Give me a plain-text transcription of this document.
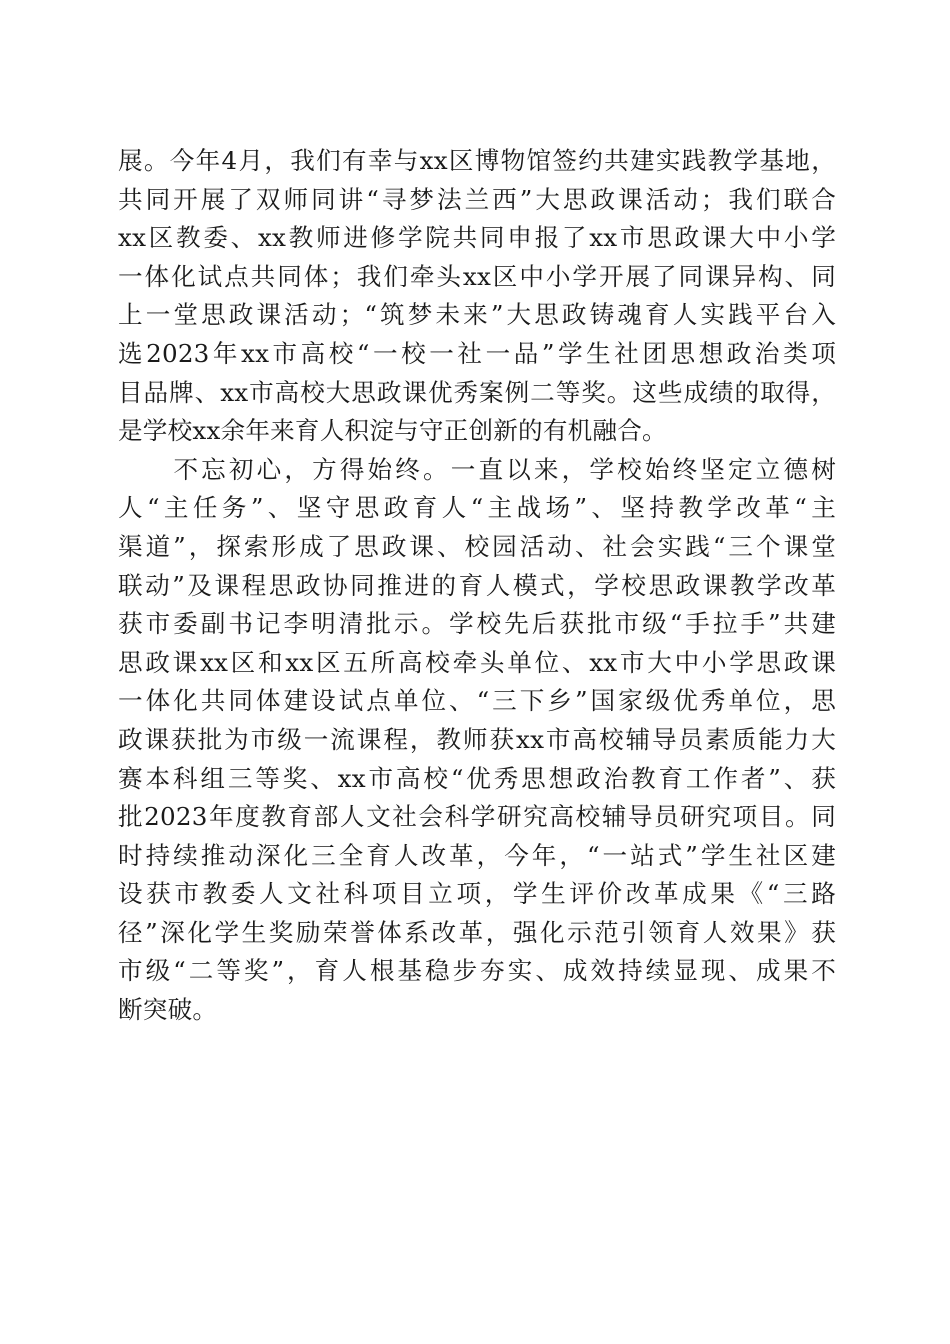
展。今年4月，我们有幸与xx区博物馆签约共建实践教学基地，
共同开展了双师同讲“寻梦法兰西”大思政课活动；我们联合
xx区教委、xx教师进修学院共同申报了xx市思政课大中小学
一体化试点共同体；我们牵头xx区中小学开展了同课异构、同
上一堂思政课活动；“筑梦未来”大思政铸魂育人实践平台入
选2023年xx市高校“一校一社一品”学生社团思想政治类项
目品牌、xx市高校大思政课优秀案例二等奖。这些成绩的取得，
是学校xx余年来育人积淀与守正创新的有机融合。
　　不忘初心，方得始终。一直以来，学校始终坚定立德树
人“主任务”、坚守思政育人“主战场”、坚持教学改革“主
渠道”，探索形成了思政课、校园活动、社会实践“三个课堂
联动”及课程思政协同推进的育人模式，学校思政课教学改革
获市委副书记李明清批示。学校先后获批市级“手拉手”共建
思政课xx区和xx区五所高校牵头单位、xx市大中小学思政课
一体化共同体建设试点单位、“三下乡”国家级优秀单位，思
政课获批为市级一流课程，教师获xx市高校辅导员素质能力大
赛本科组三等奖、xx市高校“优秀思想政治教育工作者”、获
批2023年度教育部人文社会科学研究高校辅导员研究项目。同
时持续推动深化三全育人改革，今年，“一站式”学生社区建
设获市教委人文社科项目立项，学生评价改革成果《“三路
径”深化学生奖励荣誉体系改革，强化示范引领育人效果》获
市级“二等奖”，育人根基稳步夯实、成效持续显现、成果不
断突破。
